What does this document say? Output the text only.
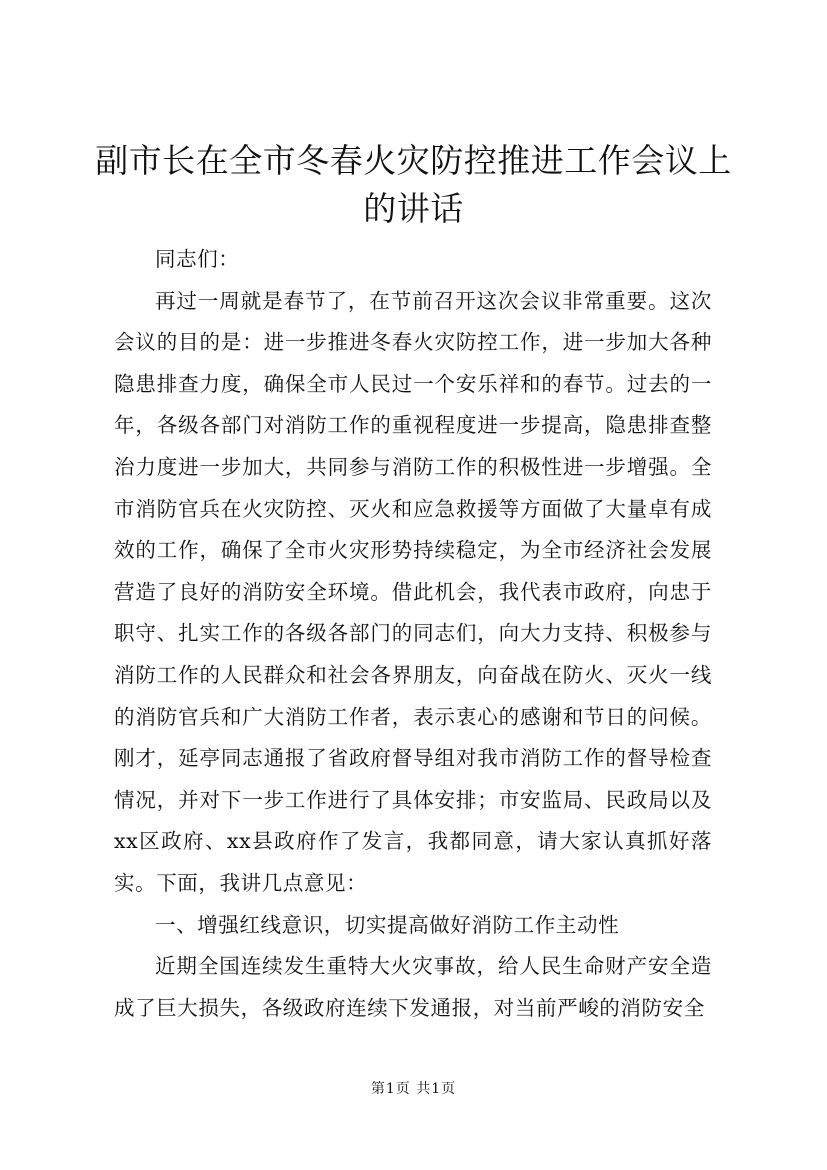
副市长在全市冬春火灾防控推进工作会议上的讲话

同志们：

再过一周就是春节了，在节前召开这次会议非常重要。这次会议的目的是：进一步推进冬春火灾防控工作，进一步加大各种隐患排查力度，确保全市人民过一个安乐祥和的春节。过去的一年，各级各部门对消防工作的重视程度进一步提高，隐患排查整治力度进一步加大，共同参与消防工作的积极性进一步增强。全市消防官兵在火灾防控、灭火和应急救援等方面做了大量卓有成效的工作，确保了全市火灾形势持续稳定，为全市经济社会发展营造了良好的消防安全环境。借此机会，我代表市政府，向忠于职守、扎实工作的各级各部门的同志们，向大力支持、积极参与消防工作的人民群众和社会各界朋友，向奋战在防火、灭火一线的消防官兵和广大消防工作者，表示衷心的感谢和节日的问候。刚才，延亭同志通报了省政府督导组对我市消防工作的督导检查情况，并对下一步工作进行了具体安排；市安监局、民政局以及xx区政府、xx县政府作了发言，我都同意，请大家认真抓好落实。下面，我讲几点意见：

一、增强红线意识，切实提高做好消防工作主动性

近期全国连续发生重特大火灾事故，给人民生命财产安全造成了巨大损失，各级政府连续下发通报，对当前严峻的消防安全

第1页 共1页
